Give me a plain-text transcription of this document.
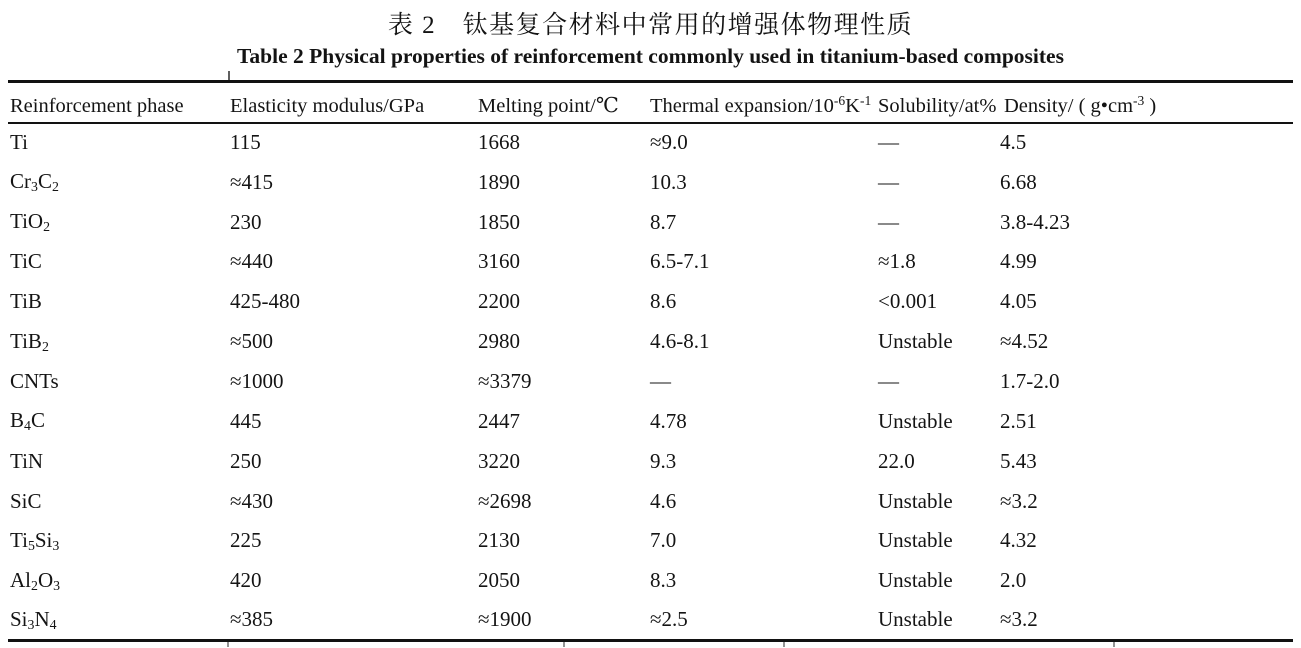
表 2　钛基复合材料中常用的增强体物理性质
Table 2 Physical properties of reinforcement commonly used in titanium-based composites
Reinforcement phase	Elasticity modulus/GPa	Melting point/℃	Thermal expansion/$10^{-6}K^{-1}$	Solubility/at%	Density/ ( $g•cm^{-3}$ )
Ti	115	1668	≈9.0	—	4.5
$Cr_3C_2$	≈415	1890	10.3	—	6.68
TiO$_2$	230	1850	8.7	—	3.8-4.23
TiC	≈440	3160	6.5-7.1	≈1.8	4.99
TiB	425-480	2200	8.6	<0.001	4.05
TiB$_2$	≈500	2980	4.6-8.1	Unstable	≈4.52
CNTs	≈1000	≈3379	—	—	1.7-2.0
$B_4C$	445	2447	4.78	Unstable	2.51
TiN	250	3220	9.3	22.0	5.43
SiC	≈430	≈2698	4.6	Unstable	≈3.2
$Ti_5Si_3$	225	2130	7.0	Unstable	4.32
$Al_2O_3$	420	2050	8.3	Unstable	2.0
$Si_3N_4$	≈385	≈1900	≈2.5	Unstable	≈3.2
